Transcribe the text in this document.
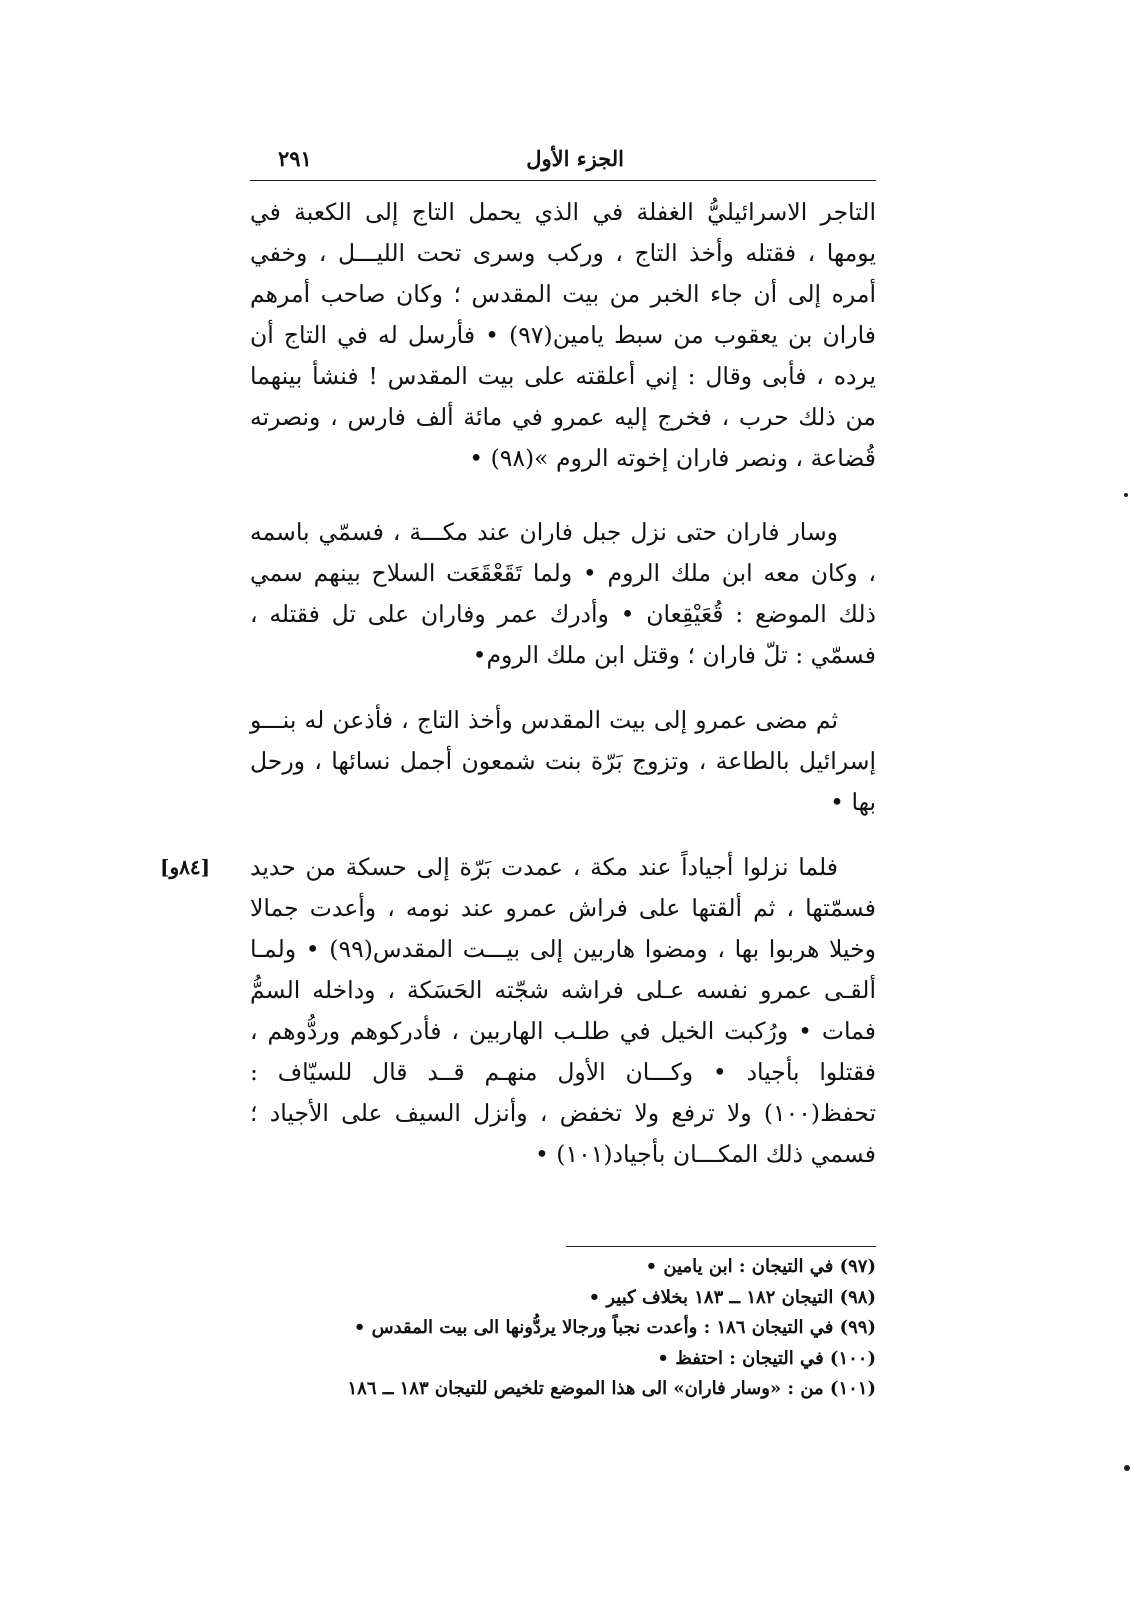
الجزء الأول
٢٩١

التاجر الاسرائيليُّ الغفلة في الذي يحمل التاج إلى الكعبة في يومها ، فقتله وأخذ التاج ، وركب وسرى تحت الليـــل ، وخفي أمره إلى أن جاء الخبر من بيت المقدس ؛ وكان صاحب أمرهم فاران بن يعقوب من سبط يامين(٩٧) • فأرسل له في التاج أن يرده ، فأبى وقال : إني أعلقته على بيت المقدس ! فنشأ بينهما من ذلك حرب ، فخرج إليه عمرو في مائة ألف فارس ، ونصرته قُضاعة ، ونصر فاران إخوته الروم »(٩٨) •

وسار فاران حتى نزل جبل فاران عند مكـــة ، فسمّي باسمه ، وكان معه ابن ملك الروم • ولما تَقَعْقَعَت السلاح بينهم سمي ذلك الموضع : قُعَيْقِعان • وأدرك عمر وفاران على تل فقتله ، فسمّي : تلّ فاران ؛ وقتل ابن ملك الروم•

ثم مضى عمرو إلى بيت المقدس وأخذ التاج ، فأذعن له بنـــو إسرائيل بالطاعة ، وتزوج بَرّة بنت شمعون أجمل نسائها ، ورحل بها •

فلما نزلوا أجياداً عند مكة ، عمدت بَرّة إلى حسكة من حديد فسمّتها ، ثم ألقتها على فراش عمرو عند نومه ، وأعدت جمالا وخيلا هربوا بها ، ومضوا هاربين إلى بيـــت المقدس(٩٩) • ولمـا ألقـى عمرو نفسه عـلى فراشه شجّته الحَسَكة ، وداخله السمُّ فمات • ورُكبت الخيل في طلـب الهاربين ، فأدركوهم وردُّوهم ، فقتلوا بأجياد • وكـــان الأول منهـم قــد قال للسيّاف : تحفظ(١٠٠) ولا ترفع ولا تخفض ، وأنزل السيف على الأجياد ؛ فسمي ذلك المكـــان بأجياد(١٠١) •

[٨٤و]
(٩٧) في التيجان : ابن يامين •
(٩٨) التيجان ١٨٢ ــ ١٨٣ بخلاف كبير •
(٩٩) في التيجان ١٨٦ : وأعدت نجباً ورجالا يردُّونها الى بيت المقدس •
(١٠٠) في التيجان : احتفظ •
(١٠١) من : «وسار فاران» الى هذا الموضع تلخيص للتيجان ١٨٣ ــ ١٨٦
